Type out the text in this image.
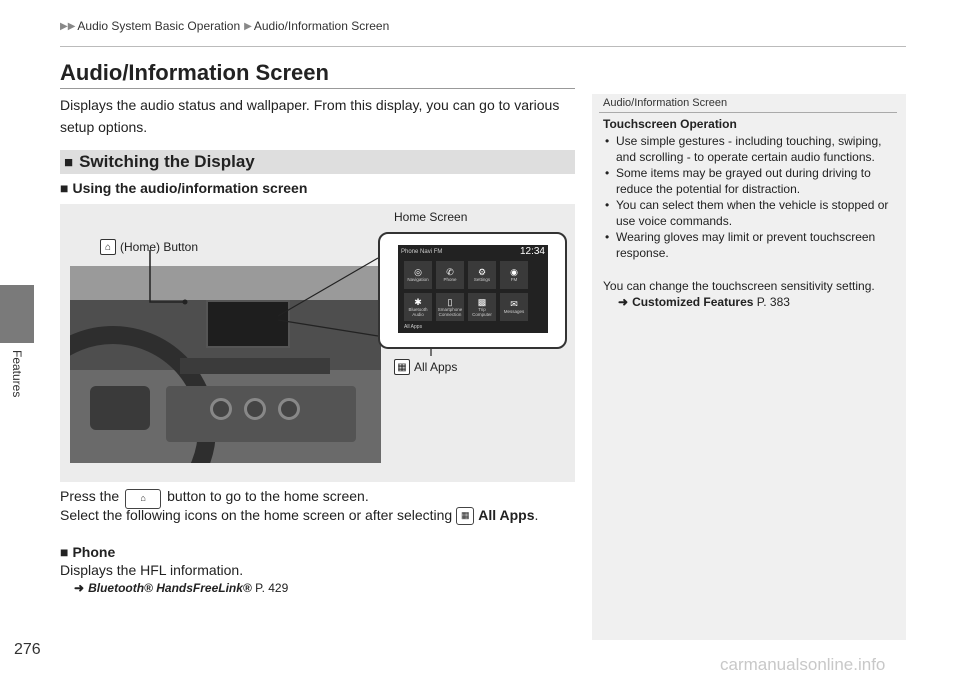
▶▶ Audio System Basic Operation ▶ Audio/Information Screen
Features
276
Audio/Information Screen

Displays the audio status and wallpaper. From this display, you can go to various setup options.

■ Switching the Display
■ Using the audio/information screen
⌂ (Home) Button
Home Screen
Phone
Navi
FM	12:34
◎
Navigation
✆
Phone
⚙
Settings
◉
FM
✱
Bluetooth Audio
▯
Smartphone Connection
▩
Trip Computer
✉
Messages
All Apps
▦ All Apps
Press the ⌂ button to go to the home screen.
Select the following icons on the home screen or after selecting ▦ All Apps .
■ Phone
Displays the HFL information.
➜ Bluetooth® HandsFreeLink® P. 429
Audio/Information Screen
Touchscreen Operation
• Use simple gestures - including touching, swiping, and scrolling - to operate certain audio functions.
• Some items may be grayed out during driving to reduce the potential for distraction.
• You can select them when the vehicle is stopped or use voice commands.
• Wearing gloves may limit or prevent touchscreen response.

You can change the touchscreen sensitivity setting.

➜ Customized Features P. 383
carmanualsonline.info
